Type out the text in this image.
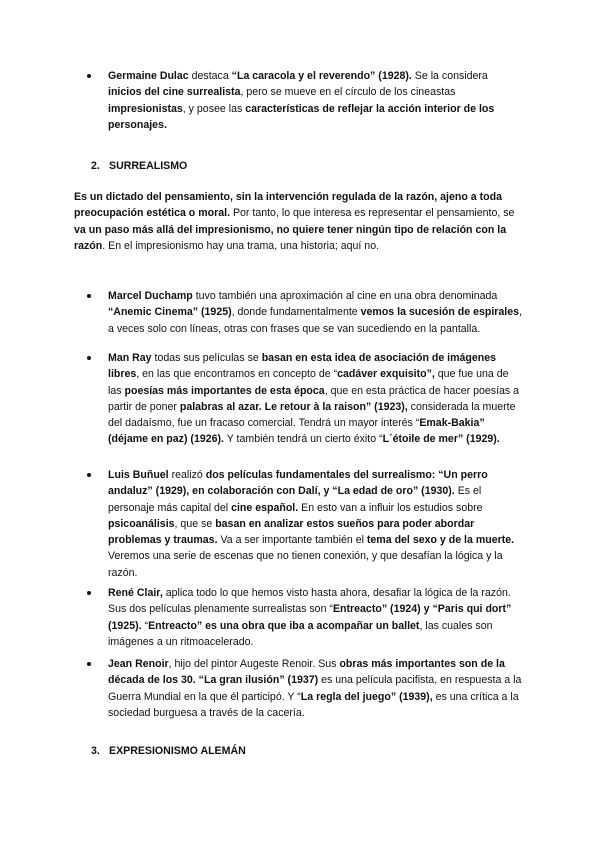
Germaine Dulac destaca “La caracola y el reverendo” (1928). Se la considera inicios del cine surrealista, pero se mueve en el círculo de los cineastas impresionistas, y posee las características de reflejar la acción interior de los personajes.
2. SURREALISMO
Es un dictado del pensamiento, sin la intervención regulada de la razón, ajeno a toda preocupación estética o moral. Por tanto, lo que interesa es representar el pensamiento, se va un paso más allá del impresionismo, no quiere tener ningún tipo de relación con la razón. En el impresionismo hay una trama, una historia; aquí no.
Marcel Duchamp tuvo también una aproximación al cine en una obra denominada “Anemic Cinema” (1925), donde fundamentalmente vemos la sucesión de espirales, a veces solo con líneas, otras con frases que se van sucediendo en la pantalla.
Man Ray todas sus películas se basan en esta idea de asociación de imágenes libres, en las que encontramos en concepto de “cadáver exquisito”, que fue una de las poesías más importantes de esta época, que en esta práctica de hacer poesías a partir de poner palabras al azar. Le retour à la raison” (1923), considerada la muerte del dadaísmo, fue un fracaso comercial. Tendrá un mayor interés “Emak-Bakia” (déjame en paz) (1926). Y también tendrá un cierto éxito “L´étoile de mer” (1929).
Luis Buñuel realizó dos películas fundamentales del surrealismo: “Un perro andaluz” (1929), en colaboración con Dalí, y “La edad de oro” (1930). Es el personaje más capital del cine español. En esto van a influir los estudios sobre psicoanálisis, que se basan en analizar estos sueños para poder abordar problemas y traumas. Va a ser importante también el tema del sexo y de la muerte. Veremos una serie de escenas que no tienen conexión, y que desafían la lógica y la razón.
René Clair, aplica todo lo que hemos visto hasta ahora, desafiar la lógica de la razón. Sus dos películas plenamente surrealistas son “Entreacto” (1924) y “Paris qui dort” (1925). “Entreacto” es una obra que iba a acompañar un ballet, las cuales son imágenes a un ritmoacelerado.
Jean Renoir, hijo del pintor Augeste Renoir. Sus obras más importantes son de la década de los 30. “La gran ilusión” (1937) es una película pacifista, en respuesta a la Guerra Mundial en la que él participó. Y “La regla del juego” (1939), es una crítica a la sociedad burguesa a través de la cacería.
3. EXPRESIONISMO ALEMÁN
